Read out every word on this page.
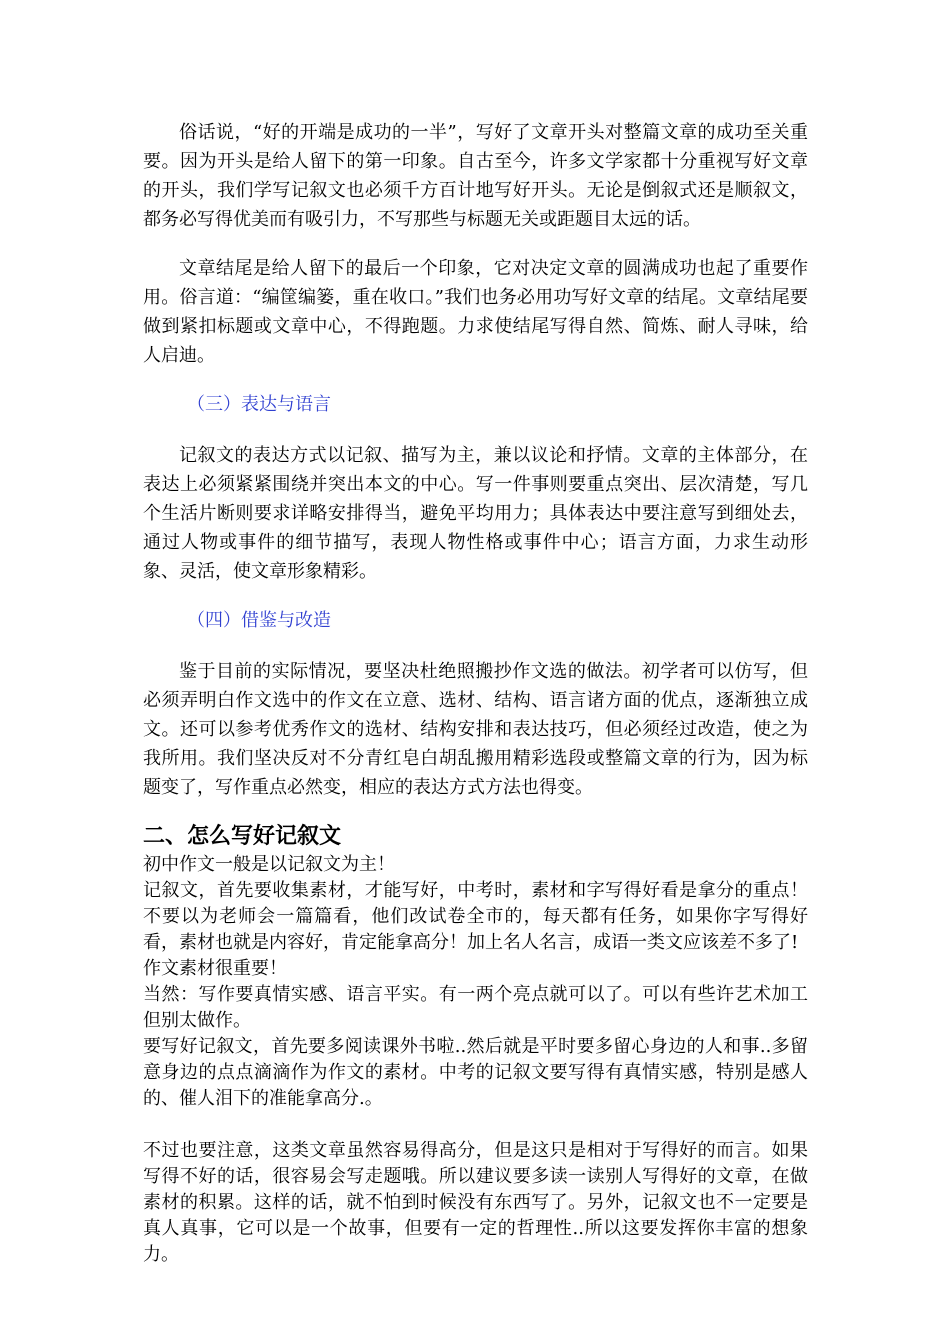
俗话说，“好的开端是成功的一半”，写好了文章开头对整篇文章的成功至关重要。因为开头是给人留下的第一印象。自古至今，许多文学家都十分重视写好文章的开头，我们学写记叙文也必须千方百计地写好开头。无论是倒叙式还是顺叙文，都务必写得优美而有吸引力，不写那些与标题无关或距题目太远的话。

文章结尾是给人留下的最后一个印象，它对决定文章的圆满成功也起了重要作用。俗言道：“编筐编篓，重在收口。”我们也务必用功写好文章的结尾。文章结尾要做到紧扣标题或文章中心，不得跑题。力求使结尾写得自然、简炼、耐人寻味，给人启迪。

（三）表达与语言

记叙文的表达方式以记叙、描写为主，兼以议论和抒情。文章的主体部分，在表达上必须紧紧围绕并突出本文的中心。写一件事则要重点突出、层次清楚，写几个生活片断则要求详略安排得当，避免平均用力；具体表达中要注意写到细处去，通过人物或事件的细节描写，表现人物性格或事件中心；语言方面，力求生动形象、灵活，使文章形象精彩。

（四）借鉴与改造

鉴于目前的实际情况，要坚决杜绝照搬抄作文选的做法。初学者可以仿写，但必须弄明白作文选中的作文在立意、选材、结构、语言诸方面的优点，逐渐独立成文。还可以参考优秀作文的选材、结构安排和表达技巧，但必须经过改造，使之为我所用。我们坚决反对不分青红皂白胡乱搬用精彩选段或整篇文章的行为，因为标题变了，写作重点必然变，相应的表达方式方法也得变。

二、怎么写好记叙文

初中作文一般是以记叙文为主！

记叙文，首先要收集素材，才能写好，中考时，素材和字写得好看是拿分的重点！不要以为老师会一篇篇看，他们改试卷全市的，每天都有任务，如果你字写得好看，素材也就是内容好，肯定能拿高分！加上名人名言，成语一类文应该差不多了!

作文素材很重要！

当然：写作要真情实感、语言平实。有一两个亮点就可以了。可以有些许艺术加工但别太做作。

要写好记叙文，首先要多阅读课外书啦..然后就是平时要多留心身边的人和事..多留意身边的点点滴滴作为作文的素材。中考的记叙文要写得有真情实感，特别是感人的、催人泪下的准能拿高分.。

不过也要注意，这类文章虽然容易得高分，但是这只是相对于写得好的而言。如果写得不好的话，很容易会写走题哦。所以建议要多读一读别人写得好的文章，在做素材的积累。这样的话，就不怕到时候没有东西写了。另外，记叙文也不一定要是真人真事，它可以是一个故事，但要有一定的哲理性..所以这要发挥你丰富的想象力。
